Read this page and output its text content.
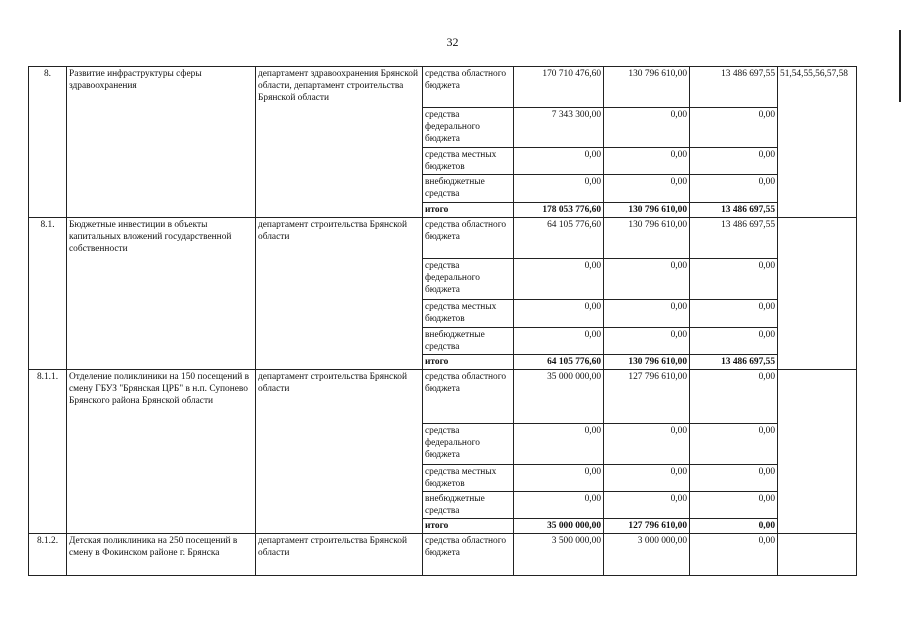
32
8.	Развитие инфраструктуры сферы здравоохранения	департамент здравоохранения Брянской области, департамент строительства Брянской области	средства областного бюджета	170 710 476,60	130 796 610,00	13 486 697,55	51,54,55,56,57,58
			средства федерального бюджета	7 343 300,00	0,00	0,00	
			средства местных бюджетов	0,00	0,00	0,00	
			внебюджетные средства	0,00	0,00	0,00	
			итого	178 053 776,60	130 796 610,00	13 486 697,55	
8.1.	Бюджетные инвестиции в объекты капитальных вложений государственной собственности	департамент строительства Брянской области	средства областного бюджета	64 105 776,60	130 796 610,00	13 486 697,55	
			средства федерального бюджета	0,00	0,00	0,00	
			средства местных бюджетов	0,00	0,00	0,00	
			внебюджетные средства	0,00	0,00	0,00	
			итого	64 105 776,60	130 796 610,00	13 486 697,55	
8.1.1.	Отделение поликлиники на 150 посещений в смену ГБУЗ "Брянская ЦРБ" в н.п. Супонево Брянского района Брянской области	департамент строительства Брянской области	средства областного бюджета	35 000 000,00	127 796 610,00	0,00	
			средства федерального бюджета	0,00	0,00	0,00	
			средства местных бюджетов	0,00	0,00	0,00	
			внебюджетные средства	0,00	0,00	0,00	
			итого	35 000 000,00	127 796 610,00	0,00	
8.1.2.	Детская поликлиника на 250 посещений в смену в Фокинском районе г. Брянска	департамент строительства Брянской области	средства областного бюджета	3 500 000,00	3 000 000,00	0,00	
